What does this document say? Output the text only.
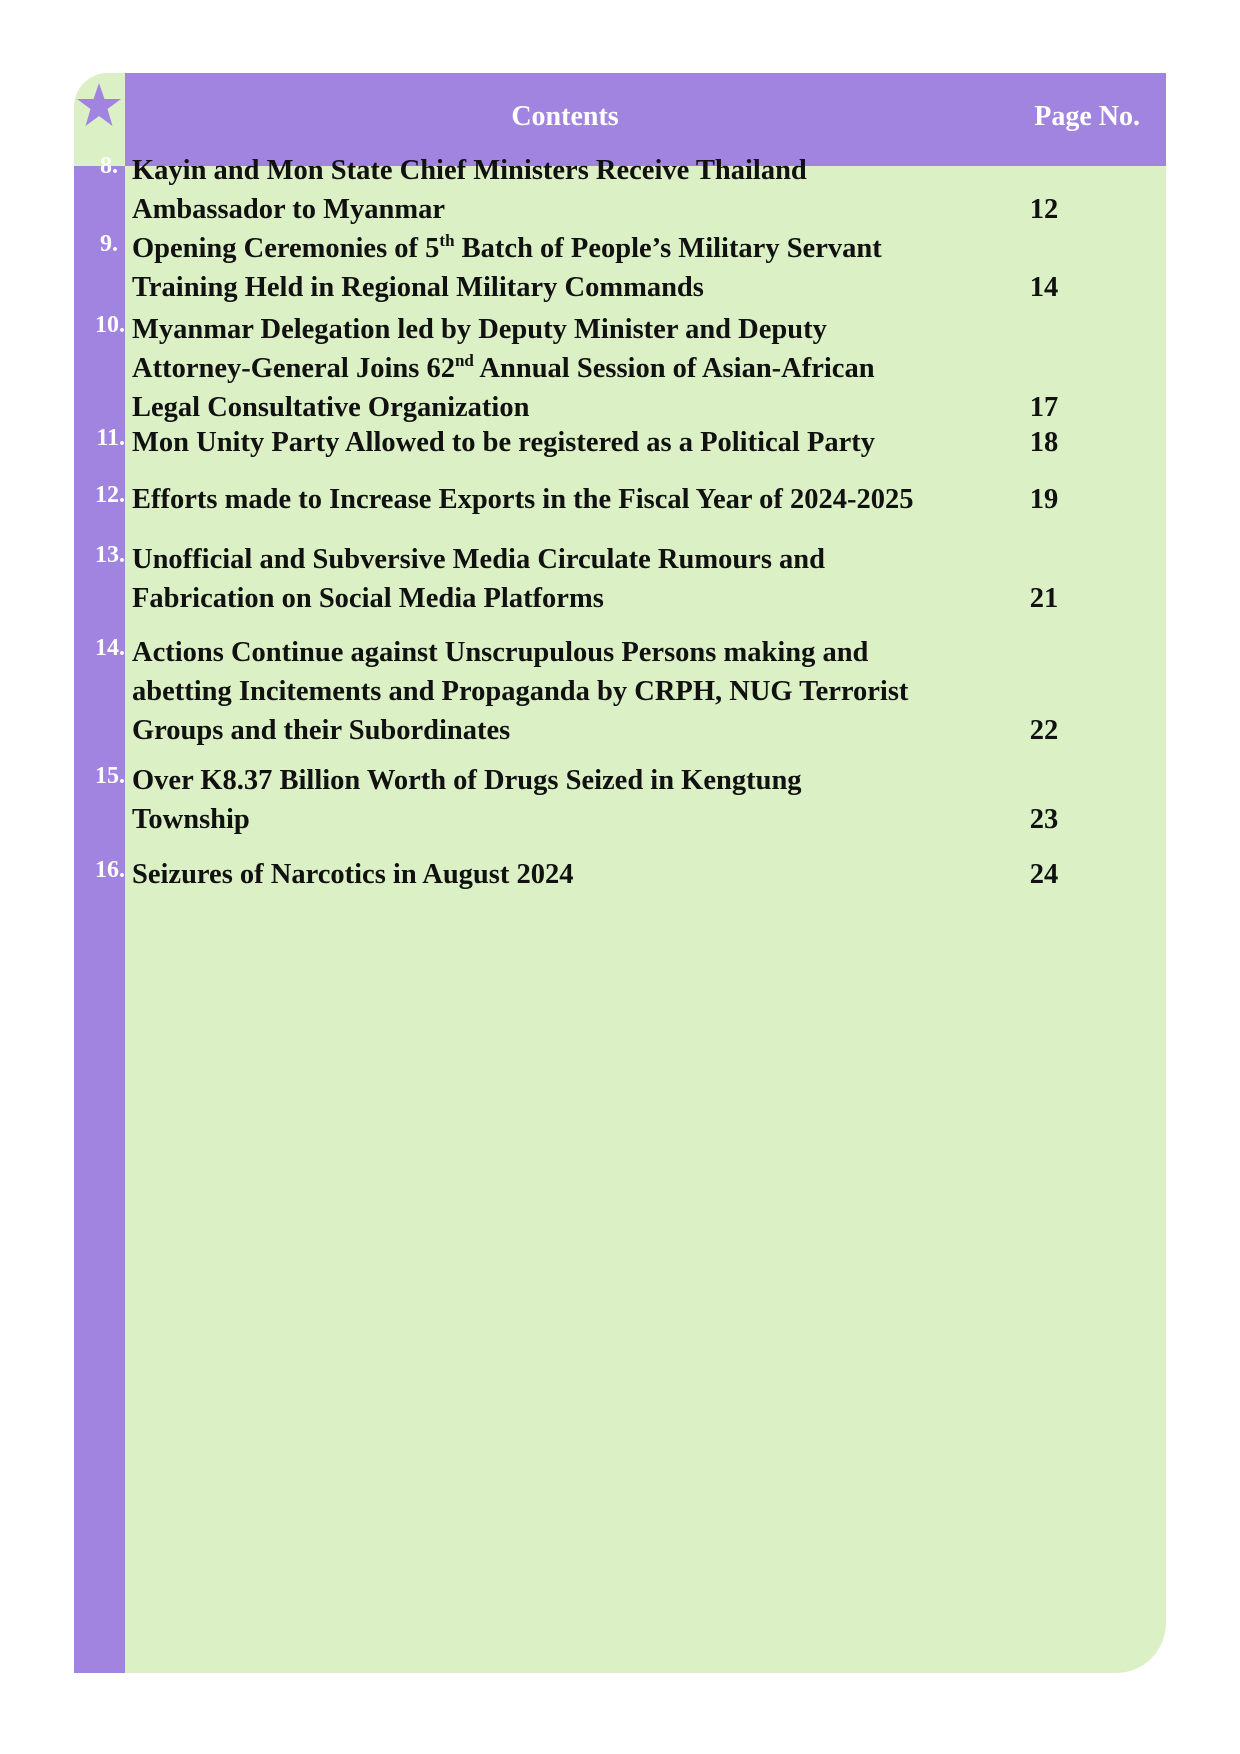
Contents	Page No.
8. Kayin and Mon State Chief Ministers Receive Thailand
Ambassador to Myanmar	12
9. Opening Ceremonies of 5th Batch of People’s Military Servant
Training Held in Regional Military Commands	14
10. Myanmar Delegation led by Deputy Minister and Deputy
Attorney-General Joins 62nd Annual Session of Asian-African
Legal Consultative Organization	17
11. Mon Unity Party Allowed to be registered as a Political Party	18
12. Efforts made to Increase Exports in the Fiscal Year of 2024-2025	19
13. Unofficial and Subversive Media Circulate Rumours and
Fabrication on Social Media Platforms	21
14. Actions Continue against Unscrupulous Persons making and
abetting Incitements and Propaganda by CRPH, NUG Terrorist
Groups and their Subordinates	22
15. Over K8.37 Billion Worth of Drugs Seized in Kengtung
Township	23
16. Seizures of Narcotics in August 2024	24
